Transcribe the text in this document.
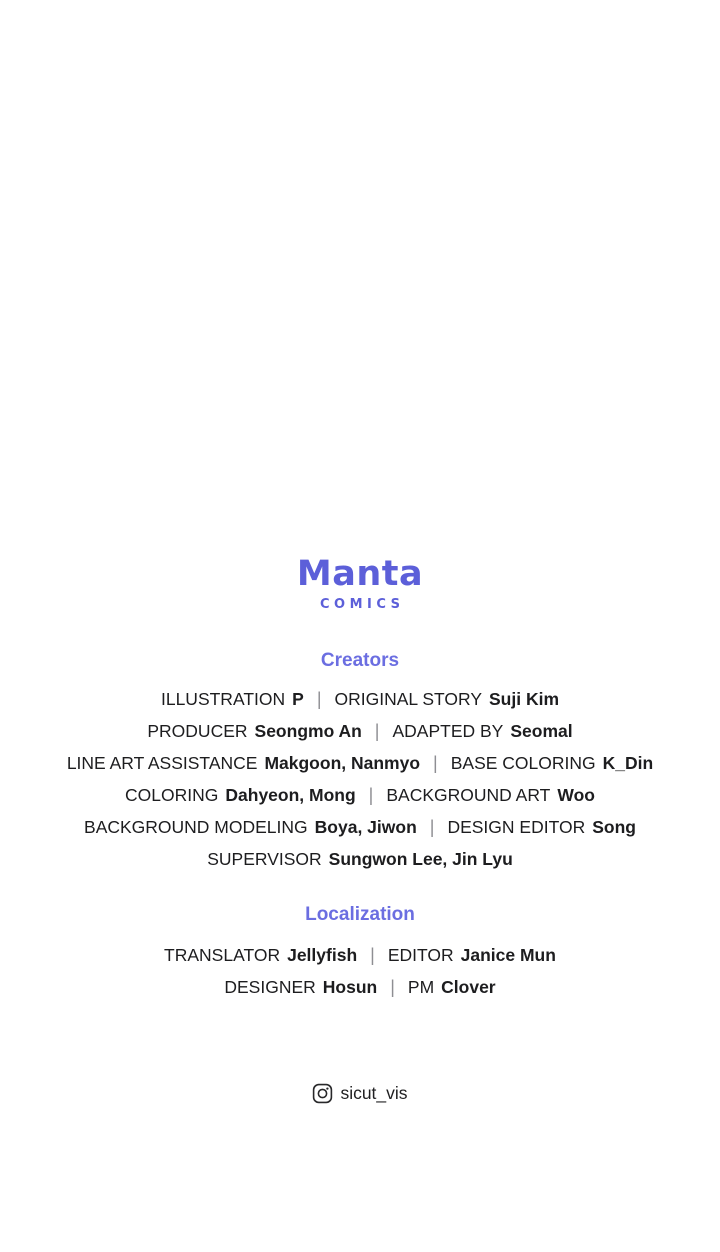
Manta
COMICS
Creators
ILLUSTRATION P | ORIGINAL STORY Suji Kim
PRODUCER Seongmo An | ADAPTED BY Seomal
LINE ART ASSISTANCE Makgoon, Nanmyo | BASE COLORING K_Din
COLORING Dahyeon, Mong | BACKGROUND ART Woo
BACKGROUND MODELING Boya, Jiwon | DESIGN EDITOR Song
SUPERVISOR Sungwon Lee, Jin Lyu
Localization
TRANSLATOR Jellyfish | EDITOR Janice Mun
DESIGNER Hosun | PM Clover
sicut_vis
